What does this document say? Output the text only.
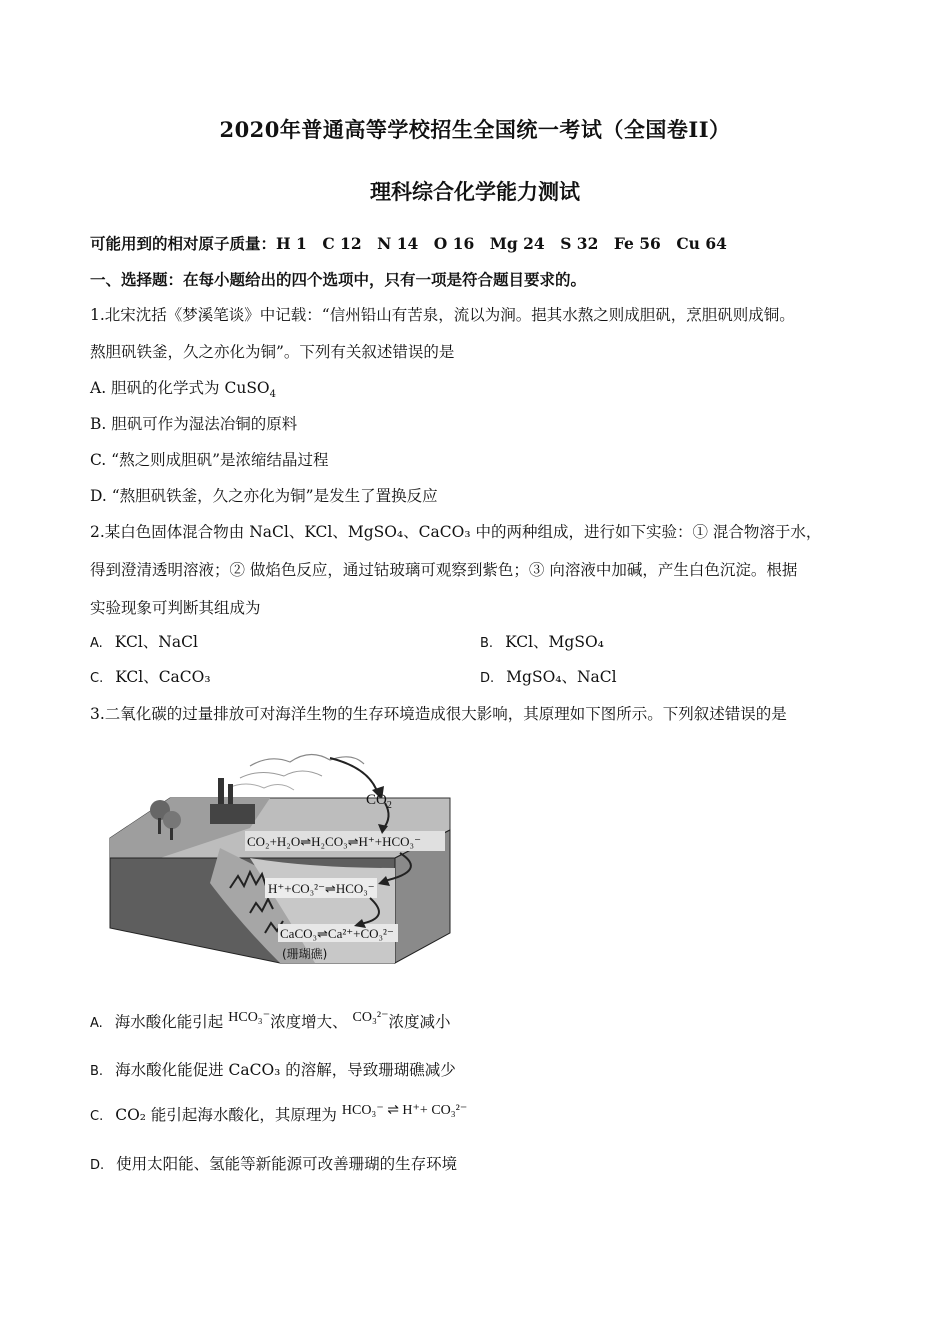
2020年普通高等学校招生全国统一考试（全国卷II）
理科综合化学能力测试
可能用到的相对原子质量：H 1　C 12　N 14　O 16　Mg 24　S 32　Fe 56　Cu 64
一、选择题：在每小题给出的四个选项中，只有一项是符合题目要求的。
1.北宋沈括《梦溪笔谈》中记载：“信州铅山有苦泉，流以为涧。挹其水熬之则成胆矾，烹胆矾则成铜。
熬胆矾铁釜，久之亦化为铜”。下列有关叙述错误的是
A. 胆矾的化学式为 CuSO$_4$
B. 胆矾可作为湿法冶铜的原料
C. “熬之则成胆矾”是浓缩结晶过程
D. “熬胆矾铁釜，久之亦化为铜”是发生了置换反应
2.某白色固体混合物由 NaCl、KCl、MgSO₄、CaCO₃ 中的两种组成，进行如下实验：① 混合物溶于水，
得到澄清透明溶液；② 做焰色反应，通过钴玻璃可观察到紫色；③ 向溶液中加碱，产生白色沉淀。根据
实验现象可判断其组成为
A. KCl、NaCl	B. KCl、MgSO₄
C. KCl、CaCO₃	D. MgSO₄、NaCl
3.二氧化碳的过量排放可对海洋生物的生存环境造成很大影响，其原理如下图所示。下列叙述错误的是
$CO_2$
CO₂+H₂O⇌H₂CO₃⇌H⁺+HCO₃⁻
H⁺+CO₃²⁻⇌HCO₃⁻
CaCO₃⇌Ca²⁺+CO₃²⁻
(珊瑚礁)
A. 海水酸化能引起 HCO₃⁻浓度增大、 CO₃²⁻浓度减小
B. 海水酸化能促进 CaCO₃ 的溶解，导致珊瑚礁减少
C. CO₂ 能引起海水酸化，其原理为 HCO₃⁻ ⇌ H⁺+ CO₃²⁻
D. 使用太阳能、氢能等新能源可改善珊瑚的生存环境
